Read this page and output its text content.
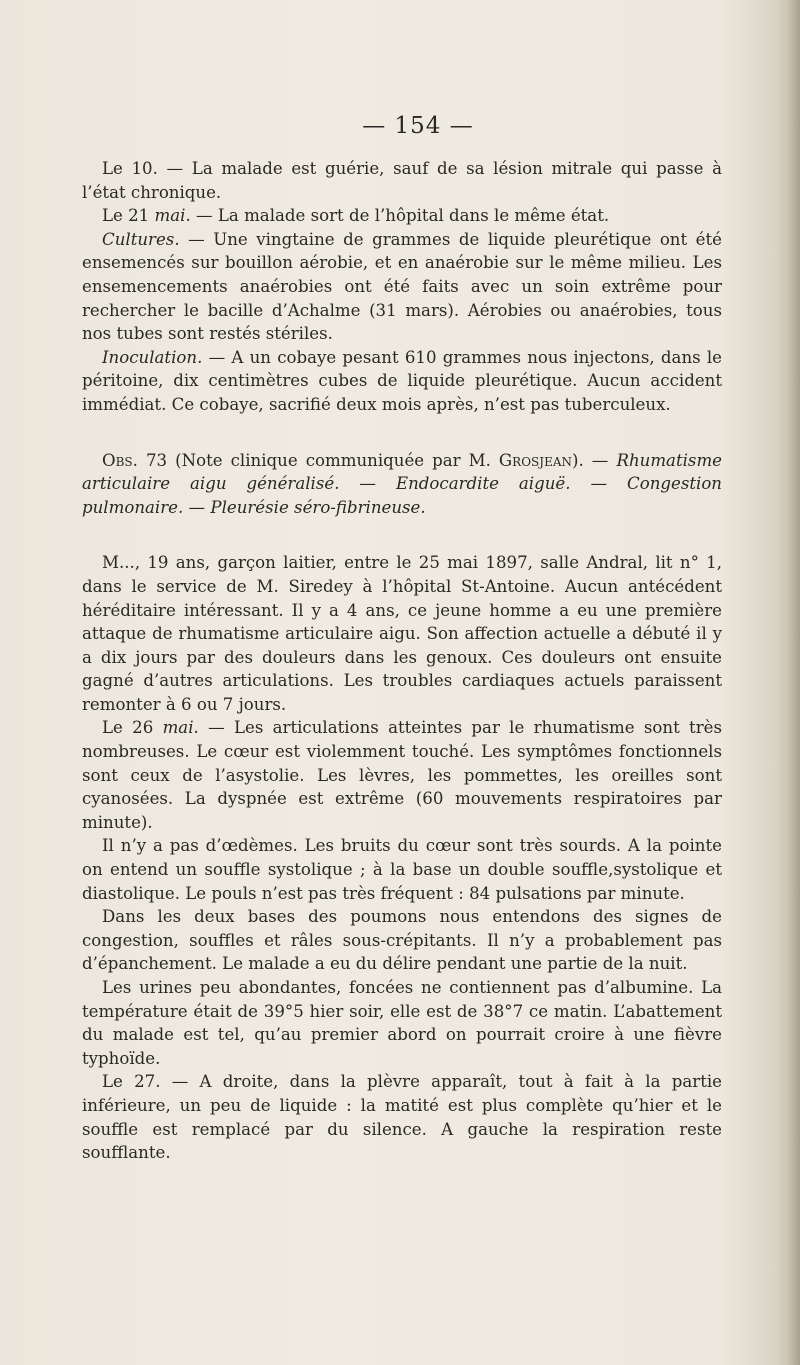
— 154 —

Le 10. — La malade est guérie, sauf de sa lésion mitrale qui passe à l’état chronique.

Le 21 mai. — La malade sort de l’hôpital dans le même état.

Cultures. — Une vingtaine de grammes de liquide pleurétique ont été ensemencés sur bouillon aérobie, et en anaérobie sur le même milieu. Les ensemencements anaérobies ont été faits avec un soin extrême pour rechercher le bacille d’Achalme (31 mars). Aérobies ou anaérobies, tous nos tubes sont restés stériles.

Inoculation. — A un cobaye pesant 610 grammes nous injectons, dans le péritoine, dix centimètres cubes de liquide pleurétique. Aucun accident immédiat. Ce cobaye, sacrifié deux mois après, n’est pas tuberculeux.

Obs. 73 (Note clinique communiquée par M. Grosjean). — Rhumatisme articulaire aigu généralisé. — Endocardite aiguë. — Congestion pulmonaire. — Pleurésie séro-fibrineuse.

M..., 19 ans, garçon laitier, entre le 25 mai 1897, salle Andral, lit n° 1, dans le service de M. Siredey à l’hôpital St-Antoine. Aucun antécédent héréditaire intéressant. Il y a 4 ans, ce jeune homme a eu une première attaque de rhumatisme articulaire aigu. Son affection actuelle a débuté il y a dix jours par des douleurs dans les genoux. Ces douleurs ont ensuite gagné d’autres articulations. Les troubles cardiaques actuels paraissent remonter à 6 ou 7 jours.

Le 26 mai. — Les articulations atteintes par le rhumatisme sont très nombreuses. Le cœur est violemment touché. Les symptômes fonctionnels sont ceux de l’asystolie. Les lèvres, les pommettes, les oreilles sont cyanosées. La dyspnée est extrême (60 mouvements respiratoires par minute).

Il n’y a pas d’œdèmes. Les bruits du cœur sont très sourds. A la pointe on entend un souffle systolique ; à la base un double souffle,systolique et diastolique. Le pouls n’est pas très fréquent : 84 pulsations par minute.

Dans les deux bases des poumons nous entendons des signes de congestion, souffles et râles sous-crépitants. Il n’y a probablement pas d’épanchement. Le malade a eu du délire pendant une partie de la nuit.

Les urines peu abondantes, foncées ne contiennent pas d’albumine. La température était de 39°5 hier soir, elle est de 38°7 ce matin. L’abattement du malade est tel, qu’au premier abord on pourrait croire à une fièvre typhoïde.

Le 27. — A droite, dans la plèvre apparaît, tout à fait à la partie inférieure, un peu de liquide : la matité est plus complète qu’hier et le souffle est remplacé par du silence. A gauche la respiration reste soufflante.
